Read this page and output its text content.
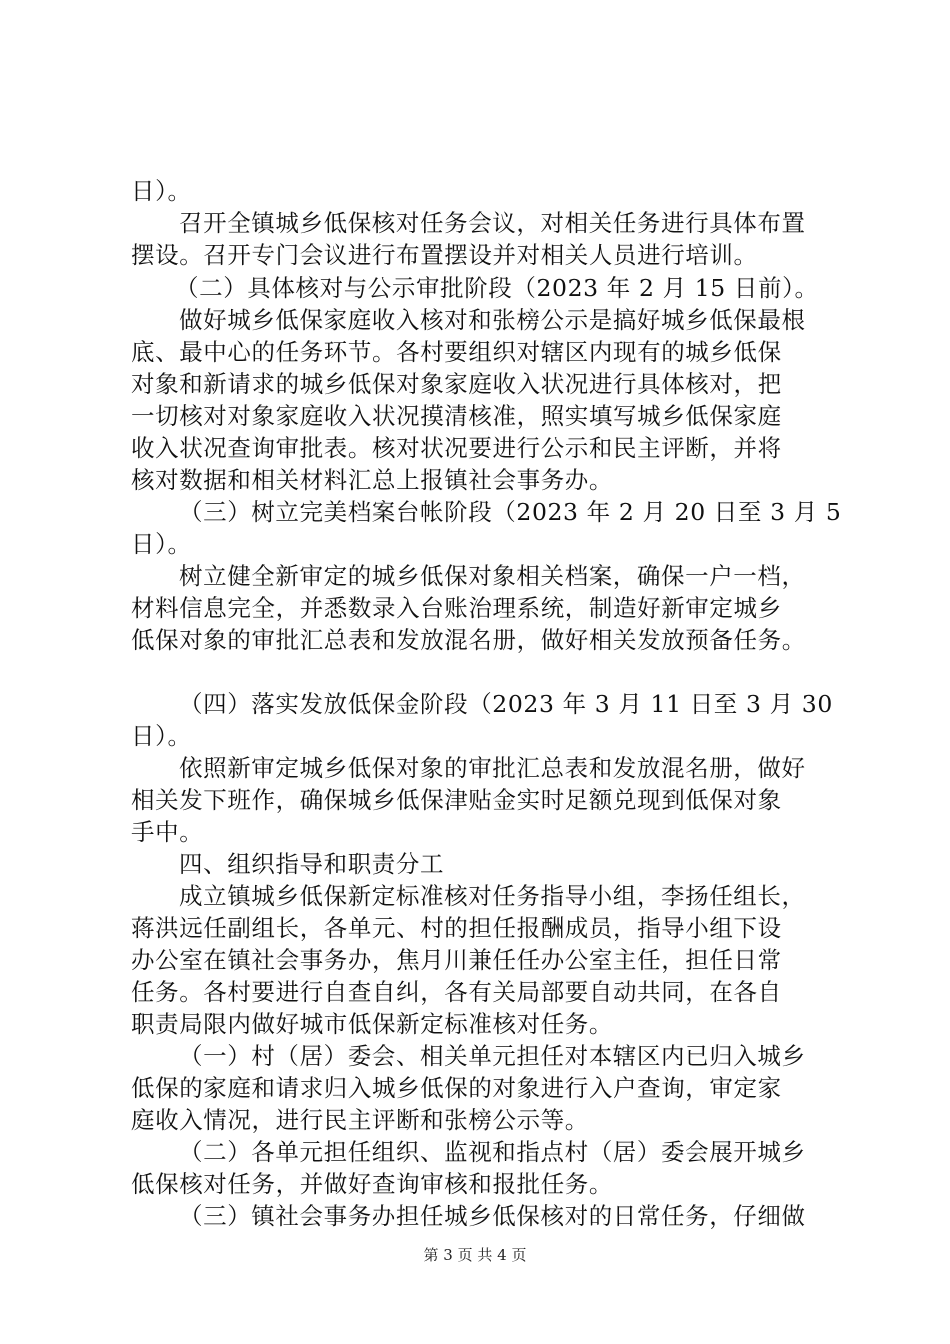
日）。
召开全镇城乡低保核对任务会议，对相关任务进行具体布置
摆设。召开专门会议进行布置摆设并对相关人员进行培训。
（二）具体核对与公示审批阶段（2023 年 2 月 15 日前）。
做好城乡低保家庭收入核对和张榜公示是搞好城乡低保最根
底、最中心的任务环节。各村要组织对辖区内现有的城乡低保
对象和新请求的城乡低保对象家庭收入状况进行具体核对，把
一切核对对象家庭收入状况摸清核准，照实填写城乡低保家庭
收入状况查询审批表。核对状况要进行公示和民主评断，并将
核对数据和相关材料汇总上报镇社会事务办。
（三）树立完美档案台帐阶段（2023 年 2 月 20 日至 3 月 5
日）。
树立健全新审定的城乡低保对象相关档案，确保一户一档，
材料信息完全，并悉数录入台账治理系统，制造好新审定城乡
低保对象的审批汇总表和发放混名册，做好相关发放预备任务。
（四）落实发放低保金阶段（2023 年 3 月 11 日至 3 月 30
日）。
依照新审定城乡低保对象的审批汇总表和发放混名册，做好
相关发下班作，确保城乡低保津贴金实时足额兑现到低保对象
手中。
四、组织指导和职责分工
成立镇城乡低保新定标准核对任务指导小组，李扬任组长，
蒋洪远任副组长，各单元、村的担任报酬成员，指导小组下设
办公室在镇社会事务办，焦月川兼任任办公室主任，担任日常
任务。各村要进行自查自纠，各有关局部要自动共同，在各自
职责局限内做好城市低保新定标准核对任务。
（一）村（居）委会、相关单元担任对本辖区内已归入城乡
低保的家庭和请求归入城乡低保的对象进行入户查询，审定家
庭收入情况，进行民主评断和张榜公示等。
（二）各单元担任组织、监视和指点村（居）委会展开城乡
低保核对任务，并做好查询审核和报批任务。
（三）镇社会事务办担任城乡低保核对的日常任务，仔细做
第 3 页 共 4 页
